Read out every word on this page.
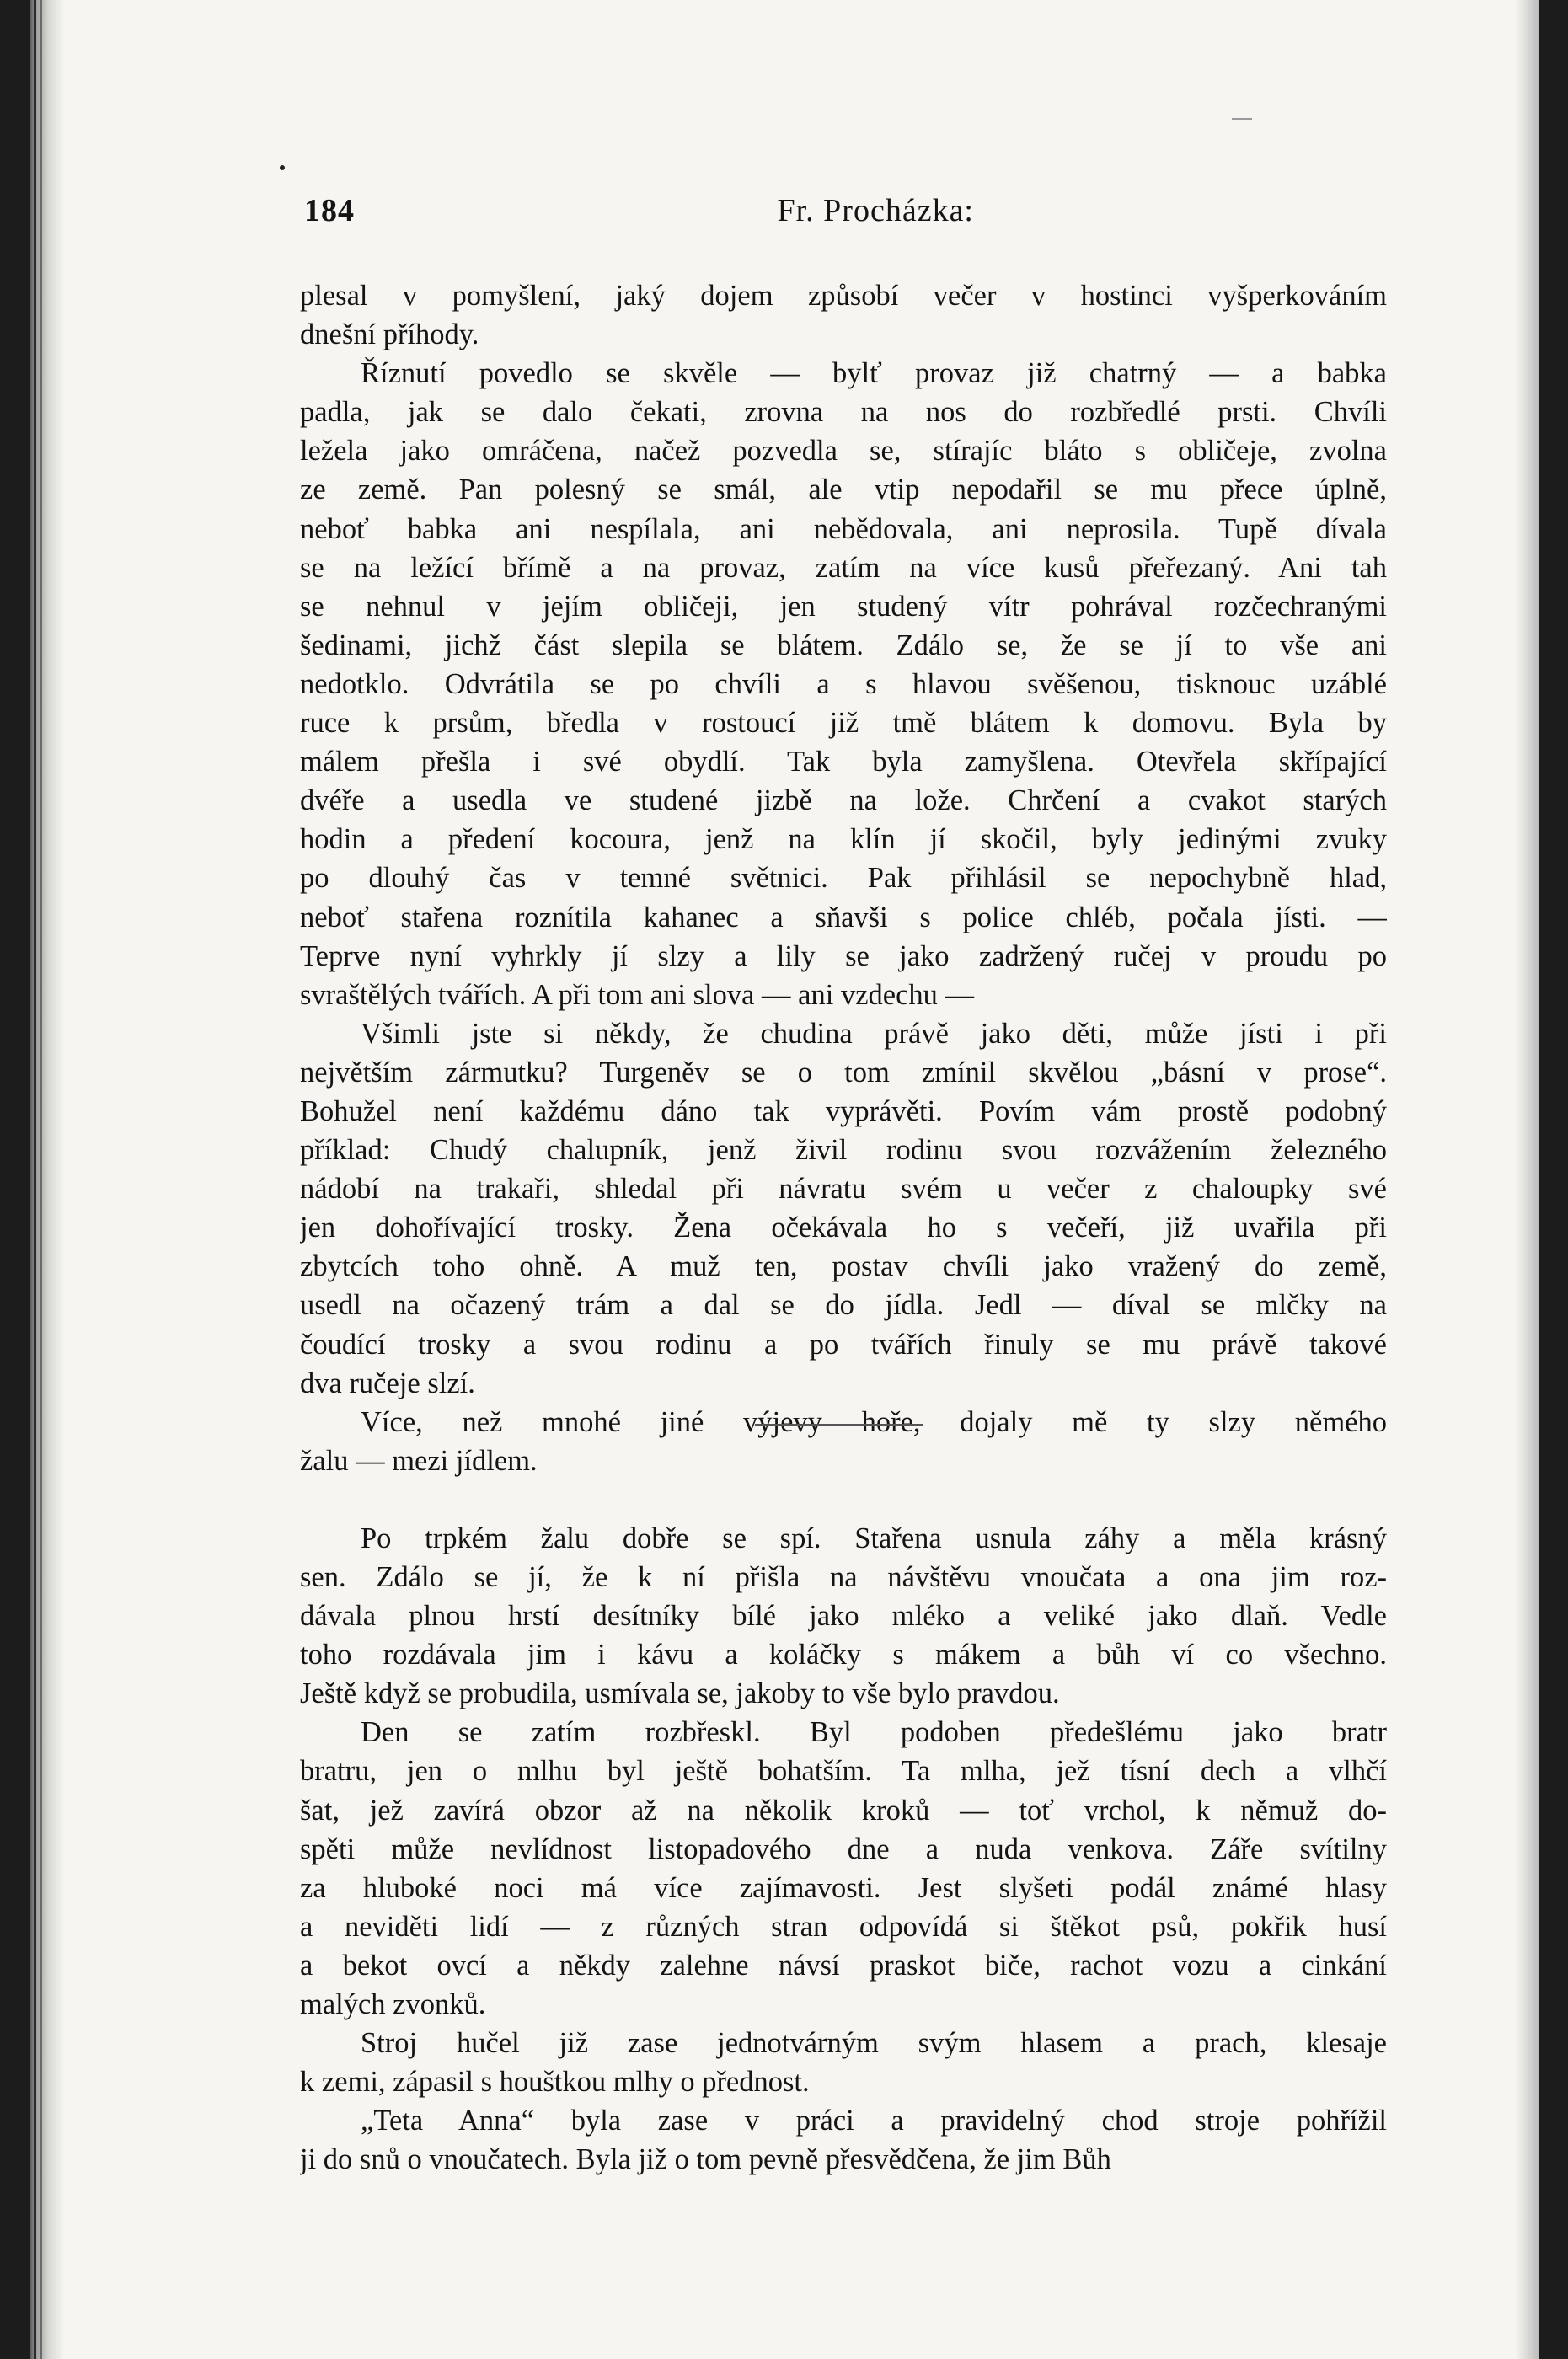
184	Fr. Procházka:
plesal v pomyšlení, jaký dojem způsobí večer v hostinci vyšperkováním
dnešní příhody.
Říznutí povedlo se skvěle — bylť provaz již chatrný — a babka
padla, jak se dalo čekati, zrovna na nos do rozbředlé prsti. Chvíli
ležela jako omráčena, načež pozvedla se, stírajíc bláto s obličeje, zvolna
ze země. Pan polesný se smál, ale vtip nepodařil se mu přece úplně,
neboť babka ani nespílala, ani nebědovala, ani neprosila. Tupě dívala
se na ležící břímě a na provaz, zatím na více kusů přeřezaný. Ani tah
se nehnul v jejím obličeji, jen studený vítr pohrával rozčechranými
šedinami, jichž část slepila se blátem. Zdálo se, že se jí to vše ani
nedotklo. Odvrátila se po chvíli a s hlavou svěšenou, tisknouc uzáblé
ruce k prsům, bředla v rostoucí již tmě blátem k domovu. Byla by
málem přešla i své obydlí. Tak byla zamyšlena. Otevřela skřípající
dvéře a usedla ve studené jizbě na lože. Chrčení a cvakot starých
hodin a předení kocoura, jenž na klín jí skočil, byly jedinými zvuky
po dlouhý čas v temné světnici. Pak přihlásil se nepochybně hlad,
neboť stařena roznítila kahanec a sňavši s police chléb, počala jísti. —
Teprve nyní vyhrkly jí slzy a lily se jako zadržený ručej v proudu po
svraštělých tvářích. A při tom ani slova — ani vzdechu —
Všimli jste si někdy, že chudina právě jako děti, může jísti i při
největším zármutku? Turgeněv se o tom zmínil skvělou „básní v prose“.
Bohužel není každému dáno tak vyprávěti. Povím vám prostě podobný
příklad: Chudý chalupník, jenž živil rodinu svou rozvážením železného
nádobí na trakaři, shledal při návratu svém u večer z chaloupky své
jen dohořívající trosky. Žena očekávala ho s večeří, již uvařila při
zbytcích toho ohně. A muž ten, postav chvíli jako vražený do země,
usedl na očazený trám a dal se do jídla. Jedl — díval se mlčky na
čoudící trosky a svou rodinu a po tvářích řinuly se mu právě takové
dva ručeje slzí.
Více, než mnohé jiné výjevy hoře, dojaly mě ty slzy němého
žalu — mezi jídlem.
Po trpkém žalu dobře se spí. Stařena usnula záhy a měla krásný
sen. Zdálo se jí, že k ní přišla na návštěvu vnoučata a ona jim roz-
dávala plnou hrstí desítníky bílé jako mléko a veliké jako dlaň. Vedle
toho rozdávala jim i kávu a koláčky s mákem a bůh ví co všechno.
Ještě když se probudila, usmívala se, jakoby to vše bylo pravdou.
Den se zatím rozbřeskl. Byl podoben předešlému jako bratr
bratru, jen o mlhu byl ještě bohatším. Ta mlha, jež tísní dech a vlhčí
šat, jež zavírá obzor až na několik kroků — toť vrchol, k němuž do-
spěti může nevlídnost listopadového dne a nuda venkova. Záře svítilny
za hluboké noci má více zajímavosti. Jest slyšeti podál známé hlasy
a neviděti lidí — z různých stran odpovídá si štěkot psů, pokřik husí
a bekot ovcí a někdy zalehne návsí praskot biče, rachot vozu a cinkání
malých zvonků.
Stroj hučel již zase jednotvárným svým hlasem a prach, klesaje
k zemi, zápasil s houštkou mlhy o přednost.
„Teta Anna“ byla zase v práci a pravidelný chod stroje pohřížil
ji do snů o vnoučatech. Byla již o tom pevně přesvědčena, že jim Bůh
